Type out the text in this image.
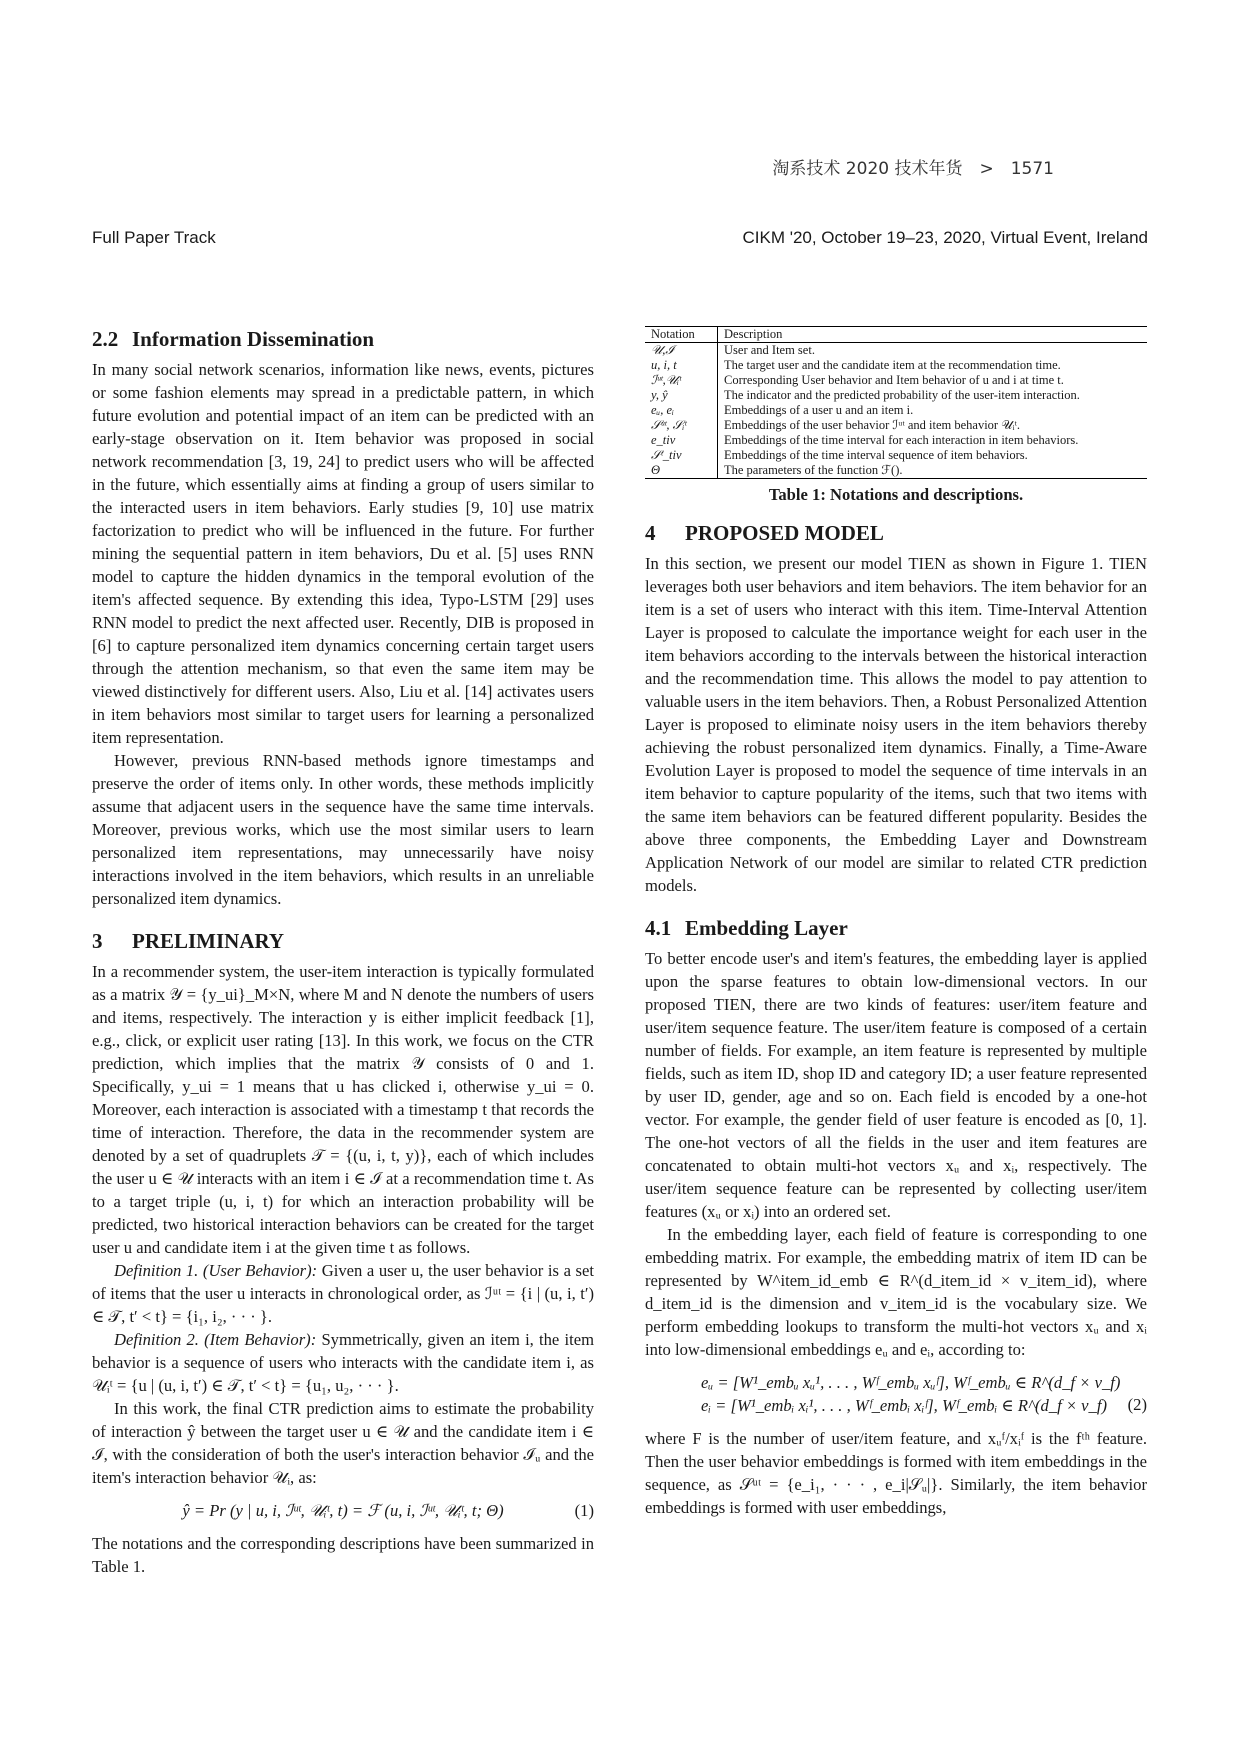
淘系技术 2020 技术年货　>　1571
Full Paper Track	CIKM '20, October 19–23, 2020, Virtual Event, Ireland
2.2 Information Dissemination

In many social network scenarios, information like news, events, pictures or some fashion elements may spread in a predictable pattern, in which future evolution and potential impact of an item can be predicted with an early-stage observation on it. Item behavior was proposed in social network recommendation [3, 19, 24] to predict users who will be affected in the future, which essentially aims at finding a group of users similar to the interacted users in item behaviors. Early studies [9, 10] use matrix factorization to predict who will be influenced in the future. For further mining the sequential pattern in item behaviors, Du et al. [5] uses RNN model to capture the hidden dynamics in the temporal evolution of the item's affected sequence. By extending this idea, Typo-LSTM [29] uses RNN model to predict the next affected user. Recently, DIB is proposed in [6] to capture personalized item dynamics concerning certain target users through the attention mechanism, so that even the same item may be viewed distinctively for different users. Also, Liu et al. [14] activates users in item behaviors most similar to target users for learning a personalized item representation.

However, previous RNN-based methods ignore timestamps and preserve the order of items only. In other words, these methods implicitly assume that adjacent users in the sequence have the same time intervals. Moreover, previous works, which use the most similar users to learn personalized item representations, may unnecessarily have noisy interactions involved in the item behaviors, which results in an unreliable personalized item dynamics.

3 PRELIMINARY

In a recommender system, the user-item interaction is typically formulated as a matrix 𝒴 = {y_ui}_M×N, where M and N denote the numbers of users and items, respectively. The interaction y is either implicit feedback [1], e.g., click, or explicit user rating [13]. In this work, we focus on the CTR prediction, which implies that the matrix 𝒴 consists of 0 and 1. Specifically, y_ui = 1 means that u has clicked i, otherwise y_ui = 0. Moreover, each interaction is associated with a timestamp t that records the time of interaction. Therefore, the data in the recommender system are denoted by a set of quadruplets 𝒯 = {(u, i, t, y)}, each of which includes the user u ∈ 𝒰 interacts with an item i ∈ ℐ at a recommendation time t. As to a target triple (u, i, t) for which an interaction probability will be predicted, two historical interaction behaviors can be created for the target user u and candidate item i at the given time t as follows.

Definition 1. (User Behavior): Given a user u, the user behavior is a set of items that the user u interacts in chronological order, as ℐᵘᵗ = {i | (u, i, t′) ∈ 𝒯, t′ < t} = {i₁, i₂, · · · }.

Definition 2. (Item Behavior): Symmetrically, given an item i, the item behavior is a sequence of users who interacts with the candidate item i, as 𝒰ᵢᵗ = {u | (u, i, t′) ∈ 𝒯, t′ < t} = {u₁, u₂, · · · }.

In this work, the final CTR prediction aims to estimate the probability of interaction ŷ between the target user u ∈ 𝒰 and the candidate item i ∈ ℐ, with the consideration of both the user's interaction behavior ℐᵤ and the item's interaction behavior 𝒰ᵢ, as:

ŷ = Pr (y | u, i, ℐᵘᵗ, 𝒰ᵢᵗ, t) = ℱ (u, i, ℐᵘᵗ, 𝒰ᵢᵗ, t; Θ)	(1)

The notations and the corresponding descriptions have been summarized in Table 1.

Notation	Description
𝒰,ℐ	User and Item set.
u, i, t	The target user and the candidate item at the recommendation time.
ℐᵘᵗ,𝒰ᵢᵗ	Corresponding User behavior and Item behavior of u and i at time t.
y, ŷ	The indicator and the predicted probability of the user-item interaction.
eᵤ, eᵢ	Embeddings of a user u and an item i.
𝒮ᵘᵗ, 𝒮ᵢᵗ	Embeddings of the user behavior ℐᵘᵗ and item behavior 𝒰ᵢᵗ.
e_tiv	Embeddings of the time interval for each interaction in item behaviors.
𝒮ᵗ_tiv	Embeddings of the time interval sequence of item behaviors.
Θ	The parameters of the function ℱ().
Table 1: Notations and descriptions.
4 PROPOSED MODEL

In this section, we present our model TIEN as shown in Figure 1. TIEN leverages both user behaviors and item behaviors. The item behavior for an item is a set of users who interact with this item. Time-Interval Attention Layer is proposed to calculate the importance weight for each user in the item behaviors according to the intervals between the historical interaction and the recommendation time. This allows the model to pay attention to valuable users in the item behaviors. Then, a Robust Personalized Attention Layer is proposed to eliminate noisy users in the item behaviors thereby achieving the robust personalized item dynamics. Finally, a Time-Aware Evolution Layer is proposed to model the sequence of time intervals in an item behavior to capture popularity of the items, such that two items with the same item behaviors can be featured different popularity. Besides the above three components, the Embedding Layer and Downstream Application Network of our model are similar to related CTR prediction models.

4.1 Embedding Layer

To better encode user's and item's features, the embedding layer is applied upon the sparse features to obtain low-dimensional vectors. In our proposed TIEN, there are two kinds of features: user/item feature and user/item sequence feature. The user/item feature is composed of a certain number of fields. For example, an item feature is represented by multiple fields, such as item ID, shop ID and category ID; a user feature represented by user ID, gender, age and so on. Each field is encoded by a one-hot vector. For example, the gender field of user feature is encoded as [0, 1]. The one-hot vectors of all the fields in the user and item features are concatenated to obtain multi-hot vectors xᵤ and xᵢ, respectively. The user/item sequence feature can be represented by collecting user/item features (xᵤ or xᵢ) into an ordered set.

In the embedding layer, each field of feature is corresponding to one embedding matrix. For example, the embedding matrix of item ID can be represented by W^item_id_emb ∈ R^(d_item_id × v_item_id), where d_item_id is the dimension and v_item_id is the vocabulary size. We perform embedding lookups to transform the multi-hot vectors xᵤ and xᵢ into low-dimensional embeddings eᵤ and eᵢ, according to:

eᵤ = [W¹_embᵤ xᵤ¹, . . . , Wᶠ_embᵤ xᵤᶠ], Wᶠ_embᵤ ∈ R^(d_f × v_f)
eᵢ = [W¹_embᵢ xᵢ¹, . . . , Wᶠ_embᵢ xᵢᶠ], Wᶠ_embᵢ ∈ R^(d_f × v_f)	(2)

where F is the number of user/item feature, and xᵤᶠ/xᵢᶠ is the fᵗʰ feature. Then the user behavior embeddings is formed with item embeddings in the sequence, as 𝒮ᵘᵗ = {e_i₁, · · · , e_i|𝒮ᵤ|}. Similarly, the item behavior embeddings is formed with user embeddings,
